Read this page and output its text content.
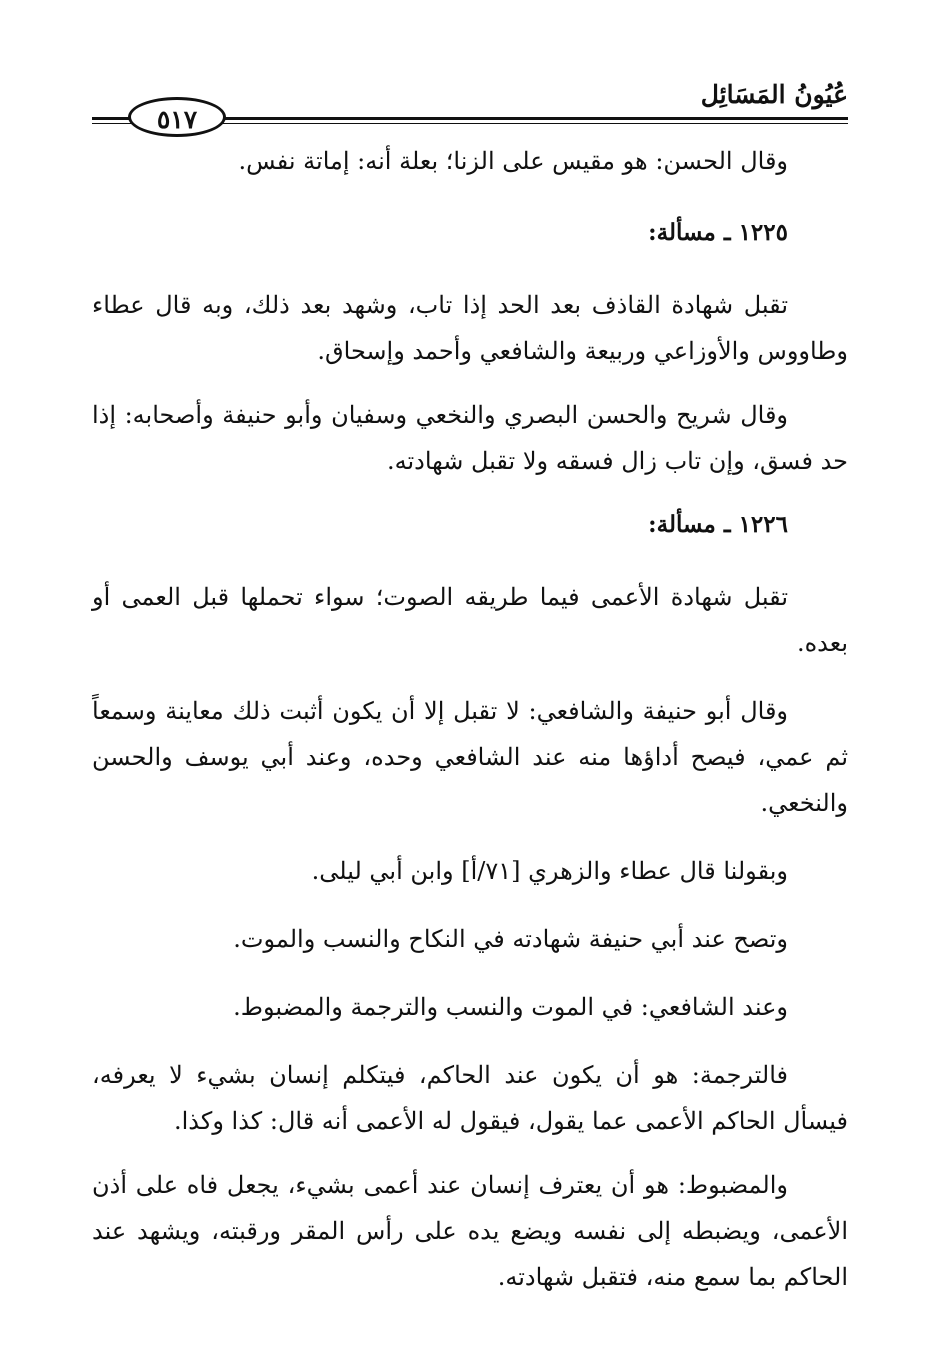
عُيُونُ المَسَائِل
٥١٧

وقال الحسن: هو مقيس على الزنا؛ بعلة أنه: إماتة نفس.

١٢٢٥ ـ مسألة:

تقبل شهادة القاذف بعد الحد إذا تاب، وشهد بعد ذلك، وبه قال عطاء وطاووس والأوزاعي وربيعة والشافعي وأحمد وإسحاق.

وقال شريح والحسن البصري والنخعي وسفيان وأبو حنيفة وأصحابه: إذا حد فسق، وإن تاب زال فسقه ولا تقبل شهادته.

١٢٢٦ ـ مسألة:

تقبل شهادة الأعمى فيما طريقه الصوت؛ سواء تحملها قبل العمى أو بعده.

وقال أبو حنيفة والشافعي: لا تقبل إلا أن يكون أثبت ذلك معاينة وسمعاً ثم عمي، فيصح أداؤها منه عند الشافعي وحده، وعند أبي يوسف والحسن والنخعي.

وبقولنا قال عطاء والزهري [٧١/أ] وابن أبي ليلى.

وتصح عند أبي حنيفة شهادته في النكاح والنسب والموت.

وعند الشافعي: في الموت والنسب والترجمة والمضبوط.

فالترجمة: هو أن يكون عند الحاكم، فيتكلم إنسان بشيء لا يعرفه، فيسأل الحاكم الأعمى عما يقول، فيقول له الأعمى أنه قال: كذا وكذا.

والمضبوط: هو أن يعترف إنسان عند أعمى بشيء، يجعل فاه على أذن الأعمى، ويضبطه إلى نفسه ويضع يده على رأس المقر ورقبته، ويشهد عند الحاكم بما سمع منه، فتقبل شهادته.
